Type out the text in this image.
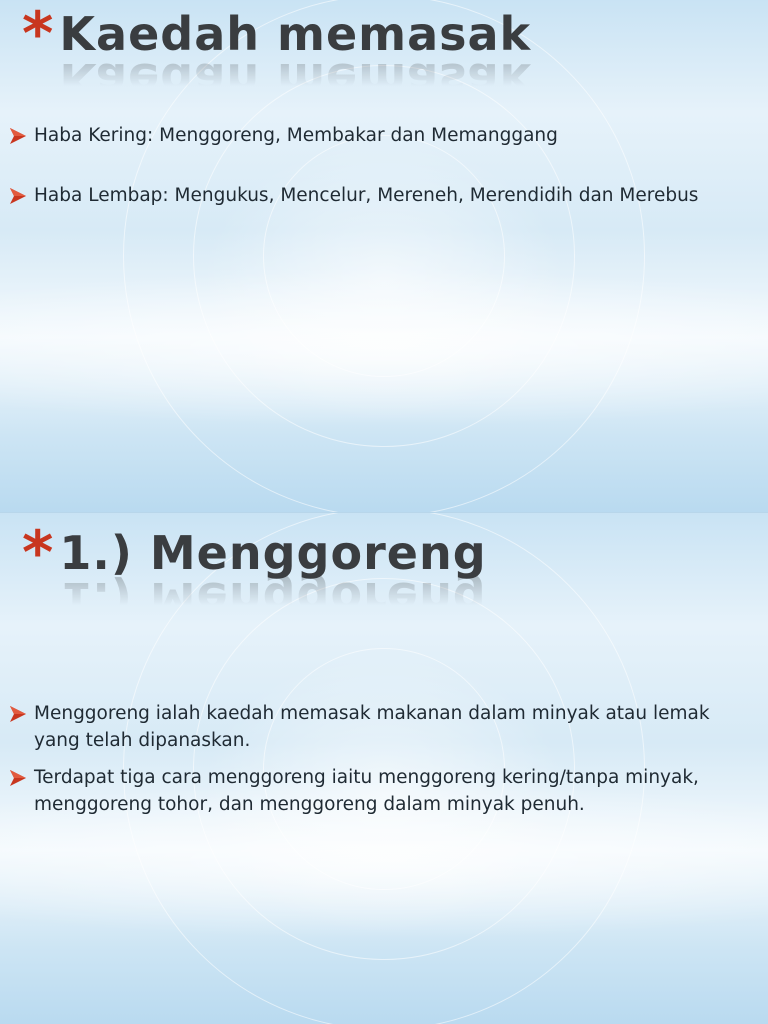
* Kaedah memasak
Haba Kering: Menggoreng, Membakar dan Memanggang
Haba Lembap: Mengukus, Mencelur, Mereneh, Merendidih dan Merebus
* 1.) Menggoreng
Menggoreng ialah kaedah memasak makanan dalam minyak atau lemak yang telah dipanaskan.
Terdapat tiga cara menggoreng iaitu menggoreng kering/tanpa minyak, menggoreng tohor, dan menggoreng dalam minyak penuh.
